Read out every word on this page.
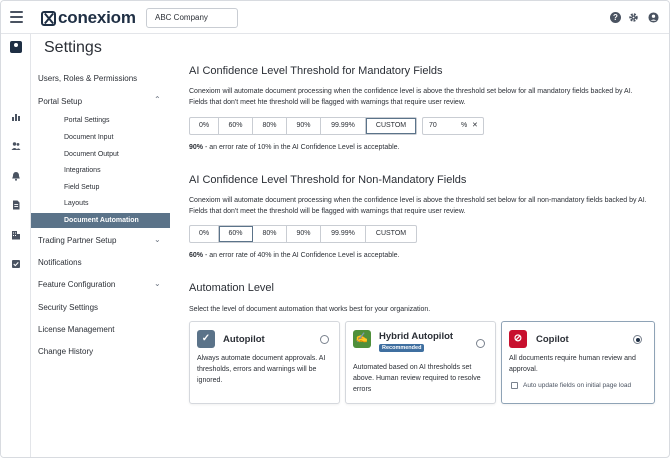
conexiom	ABC Company	?
Settings
Users, Roles & Permissions
Portal Setup	⌃
Portal Settings
Document Input
Document Output
Integrations
Field Setup
Layouts
Document Automation
Trading Partner Setup	⌄
Notifications
Feature Configuration	⌄
Security Settings
License Management
Change History
AI Confidence Level Threshold for Mandatory Fields
Conexiom will automate document processing when the confidence level is above the threshold set below for all mandatory fields backed by AI. Fields that don't meet hte threshold will be flagged with warnings that require user review.
0%	60%	80%	90%	99.99%	CUSTOM	70	% ✕
90% - an error rate of 10% in the AI Confidence Level is acceptable.
AI Confidence Level Threshold for Non-Mandatory Fields
Conexiom will automate document processing when the confidence level is above the threshold set below for all non-mandatory fields backed by AI. Fields that don't meet the threshold will be flagged with warnings that require user review.
0%	60%	80%	90%	99.99%	CUSTOM
60% - an error rate of 40% in the AI Confidence Level is acceptable.
Automation Level
Select the level of document automation that works best for your organization.
✓	Autopilot
Always automate document approvals. AI thresholds, errors and warnings will be ignored.
✍ Hybrid Autopilot
Recommended
Automated based on AI thresholds set above. Human review required to resolve errors
⊘	Copilot
All documents require human review and approval.
Auto update fields on initial page load
